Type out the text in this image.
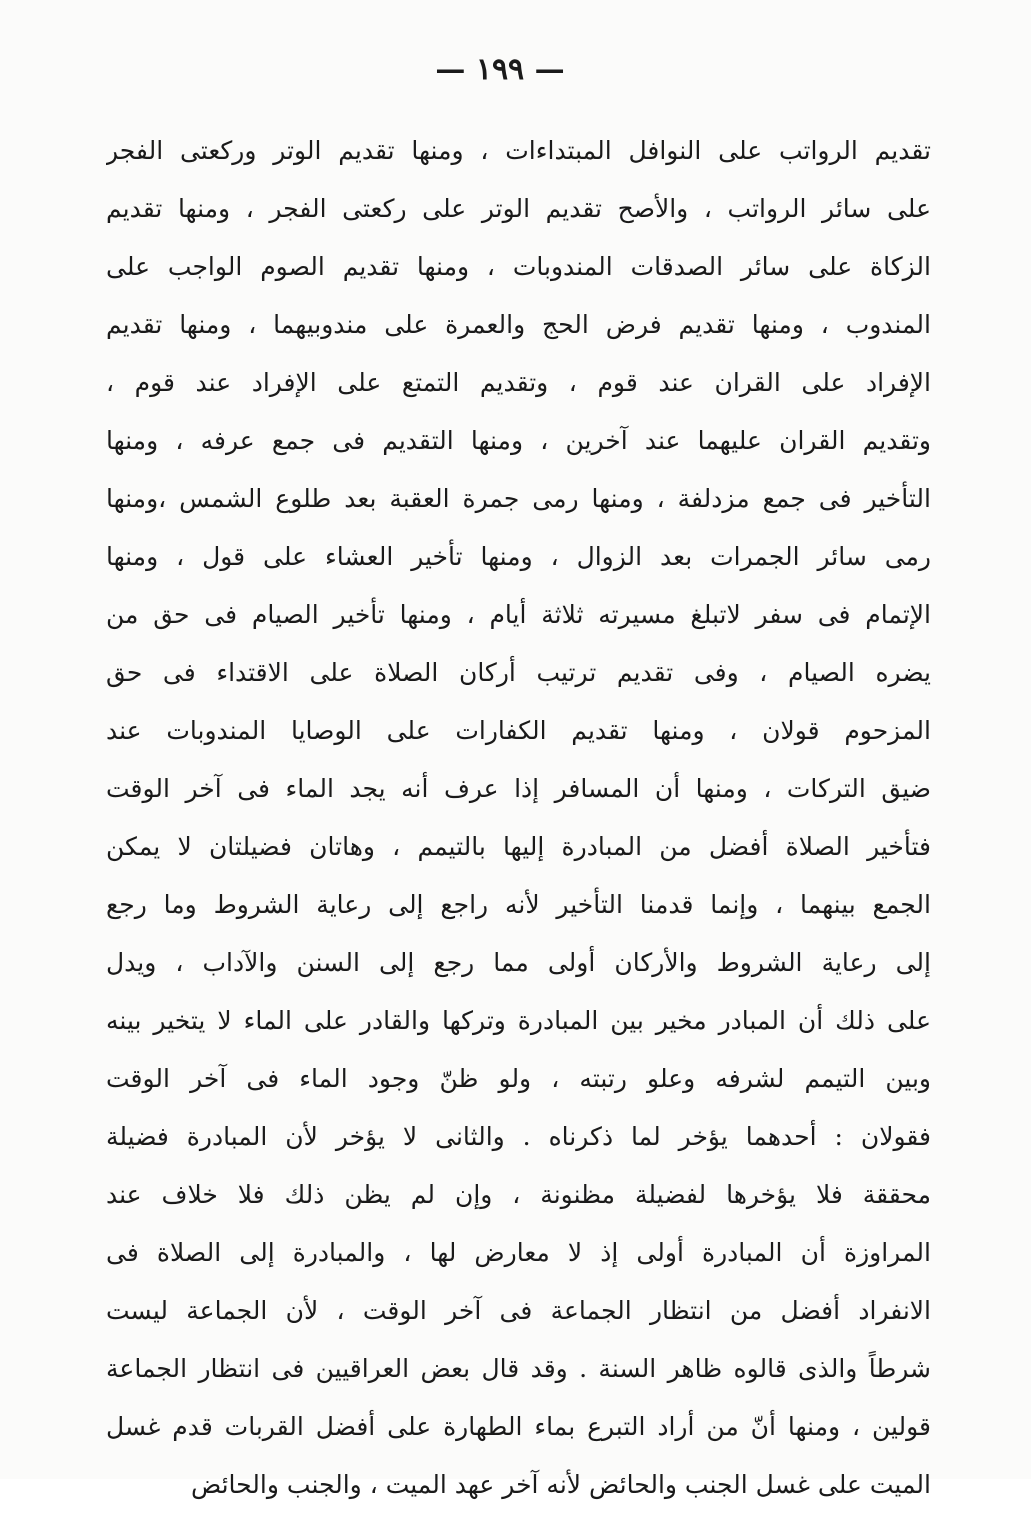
— ١٩٩ —
تقديم الرواتب على النوافل المبتداءات ، ومنها تقديم الوتر وركعتى الفجر
على سائر الرواتب ، والأصح تقديم الوتر على ركعتى الفجر ، ومنها تقديم
الزكاة على سائر الصدقات المندوبات ، ومنها تقديم الصوم الواجب على
المندوب ، ومنها تقديم فرض الحج والعمرة على مندوبيهما ، ومنها تقديم
الإفراد على القران عند قوم ، وتقديم التمتع على الإفراد عند قوم ،
وتقديم القران عليهما عند آخرين ، ومنها التقديم فى جمع عرفه ، ومنها
التأخير فى جمع مزدلفة ، ومنها رمى جمرة العقبة بعد طلوع الشمس ،ومنها
رمى سائر الجمرات بعد الزوال ، ومنها تأخير العشاء على قول ، ومنها
الإتمام فى سفر لاتبلغ مسيرته ثلاثة أيام ، ومنها تأخير الصيام فى حق من
يضره الصيام ، وفى تقديم ترتيب أركان الصلاة على الاقتداء فى حق
المزحوم قولان ، ومنها تقديم الكفارات على الوصايا المندوبات عند
ضيق التركات ، ومنها أن المسافر إذا عرف أنه يجد الماء فى آخر الوقت
فتأخير الصلاة أفضل من المبادرة إليها بالتيمم ، وهاتان فضيلتان لا يمكن
الجمع بينهما ، وإنما قدمنا التأخير لأنه راجع إلى رعاية الشروط وما رجع
إلى رعاية الشروط والأركان أولى مما رجع إلى السنن والآداب ، ويدل
على ذلك أن المبادر مخير بين المبادرة وتركها والقادر على الماء لا يتخير بينه
وبين التيمم لشرفه وعلو رتبته ، ولو ظنّ وجود الماء فى آخر الوقت
فقولان : أحدهما يؤخر لما ذكرناه . والثانى لا يؤخر لأن المبادرة فضيلة
محققة فلا يؤخرها لفضيلة مظنونة ، وإن لم يظن ذلك فلا خلاف عند
المراوزة أن المبادرة أولى إذ لا معارض لها ، والمبادرة إلى الصلاة فى
الانفراد أفضل من انتظار الجماعة فى آخر الوقت ، لأن الجماعة ليست
شرطاً والذى قالوه ظاهر السنة . وقد قال بعض العراقيين فى انتظار الجماعة
قولين ، ومنها أنّ من أراد التبرع بماء الطهارة على أفضل القربات قدم غسل
الميت على غسل الجنب والحائض لأنه آخر عهد الميت ، والجنب والحائض
